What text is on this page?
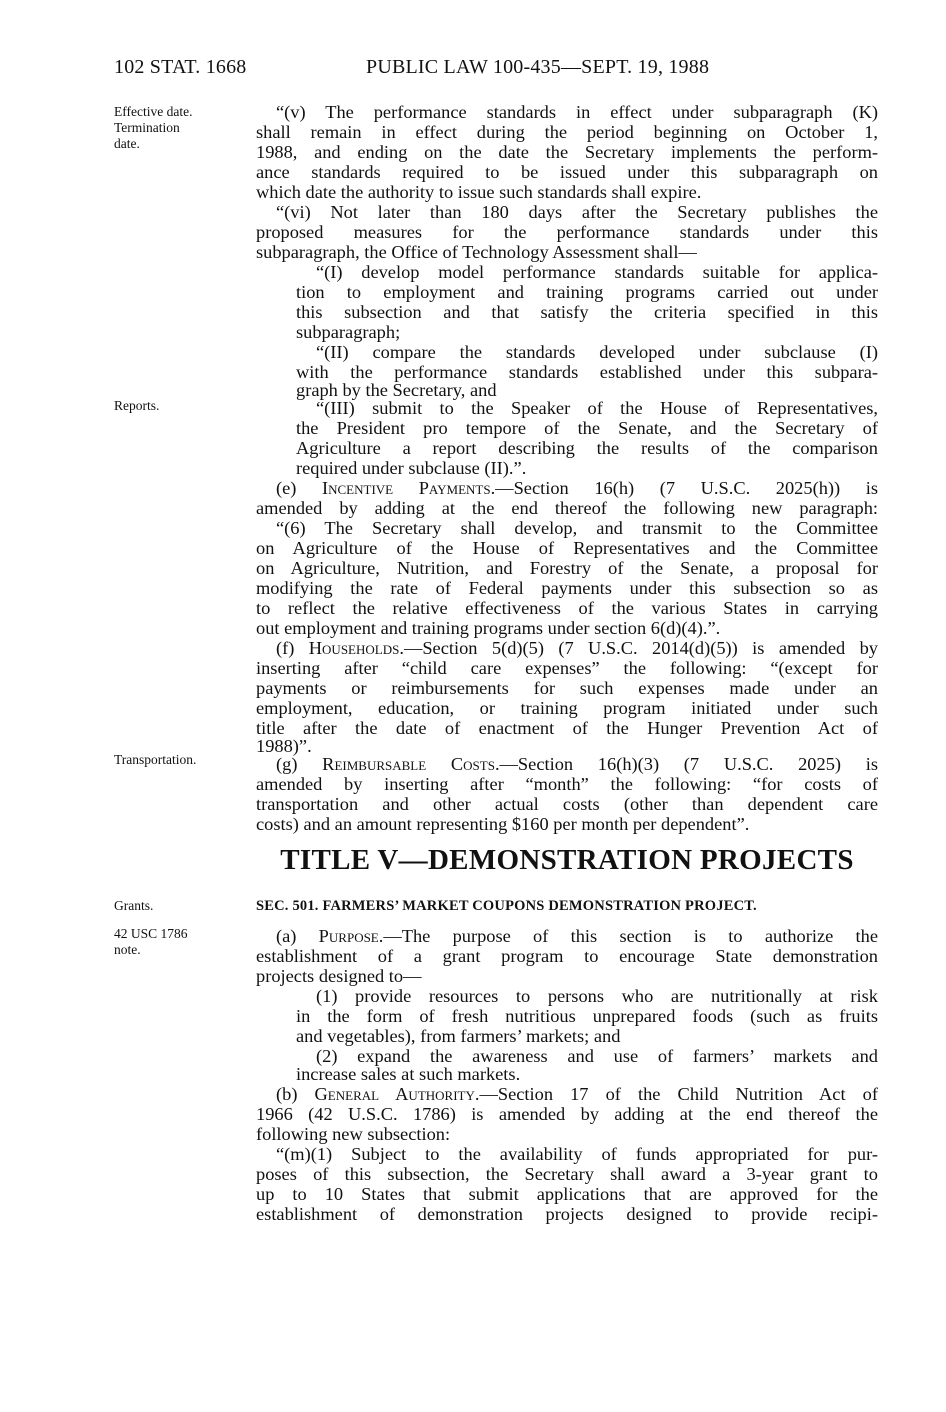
102 STAT. 1668	PUBLIC LAW 100-435—SEPT. 19, 1988
Effective date.
Termination
date.
Reports.
Transportation.
Grants.
42 USC 1786
note.
“(v) The performance standards in effect under subparagraph (K)
shall remain in effect during the period beginning on October 1,
1988, and ending on the date the Secretary implements the perform-
ance standards required to be issued under this subparagraph on
which date the authority to issue such standards shall expire.
“(vi) Not later than 180 days after the Secretary publishes the
proposed measures for the performance standards under this
subparagraph, the Office of Technology Assessment shall—
“(I) develop model performance standards suitable for applica-
tion to employment and training programs carried out under
this subsection and that satisfy the criteria specified in this
subparagraph;
“(II) compare the standards developed under subclause (I)
with the performance standards established under this subpara-
graph by the Secretary, and
“(III) submit to the Speaker of the House of Representatives,
the President pro tempore of the Senate, and the Secretary of
Agriculture a report describing the results of the comparison
required under subclause (II).”.
(e) Incentive Payments.—Section 16(h) (7 U.S.C. 2025(h)) is
amended by adding at the end thereof the following new paragraph:
“(6) The Secretary shall develop, and transmit to the Committee
on Agriculture of the House of Representatives and the Committee
on Agriculture, Nutrition, and Forestry of the Senate, a proposal for
modifying the rate of Federal payments under this subsection so as
to reflect the relative effectiveness of the various States in carrying
out employment and training programs under section 6(d)(4).”.
(f) Households.—Section 5(d)(5) (7 U.S.C. 2014(d)(5)) is amended by
inserting after “child care expenses” the following: “(except for
payments or reimbursements for such expenses made under an
employment, education, or training program initiated under such
title after the date of enactment of the Hunger Prevention Act of
1988)”.
(g) Reimbursable Costs.—Section 16(h)(3) (7 U.S.C. 2025) is
amended by inserting after “month” the following: “for costs of
transportation and other actual costs (other than dependent care
costs) and an amount representing $160 per month per dependent”.
TITLE V—DEMONSTRATION PROJECTS
SEC. 501. FARMERS’ MARKET COUPONS DEMONSTRATION PROJECT.
(a) Purpose.—The purpose of this section is to authorize the
establishment of a grant program to encourage State demonstration
projects designed to—
(1) provide resources to persons who are nutritionally at risk
in the form of fresh nutritious unprepared foods (such as fruits
and vegetables), from farmers’ markets; and
(2) expand the awareness and use of farmers’ markets and
increase sales at such markets.
(b) General Authority.—Section 17 of the Child Nutrition Act of
1966 (42 U.S.C. 1786) is amended by adding at the end thereof the
following new subsection:
“(m)(1) Subject to the availability of funds appropriated for pur-
poses of this subsection, the Secretary shall award a 3-year grant to
up to 10 States that submit applications that are approved for the
establishment of demonstration projects designed to provide recipi-
